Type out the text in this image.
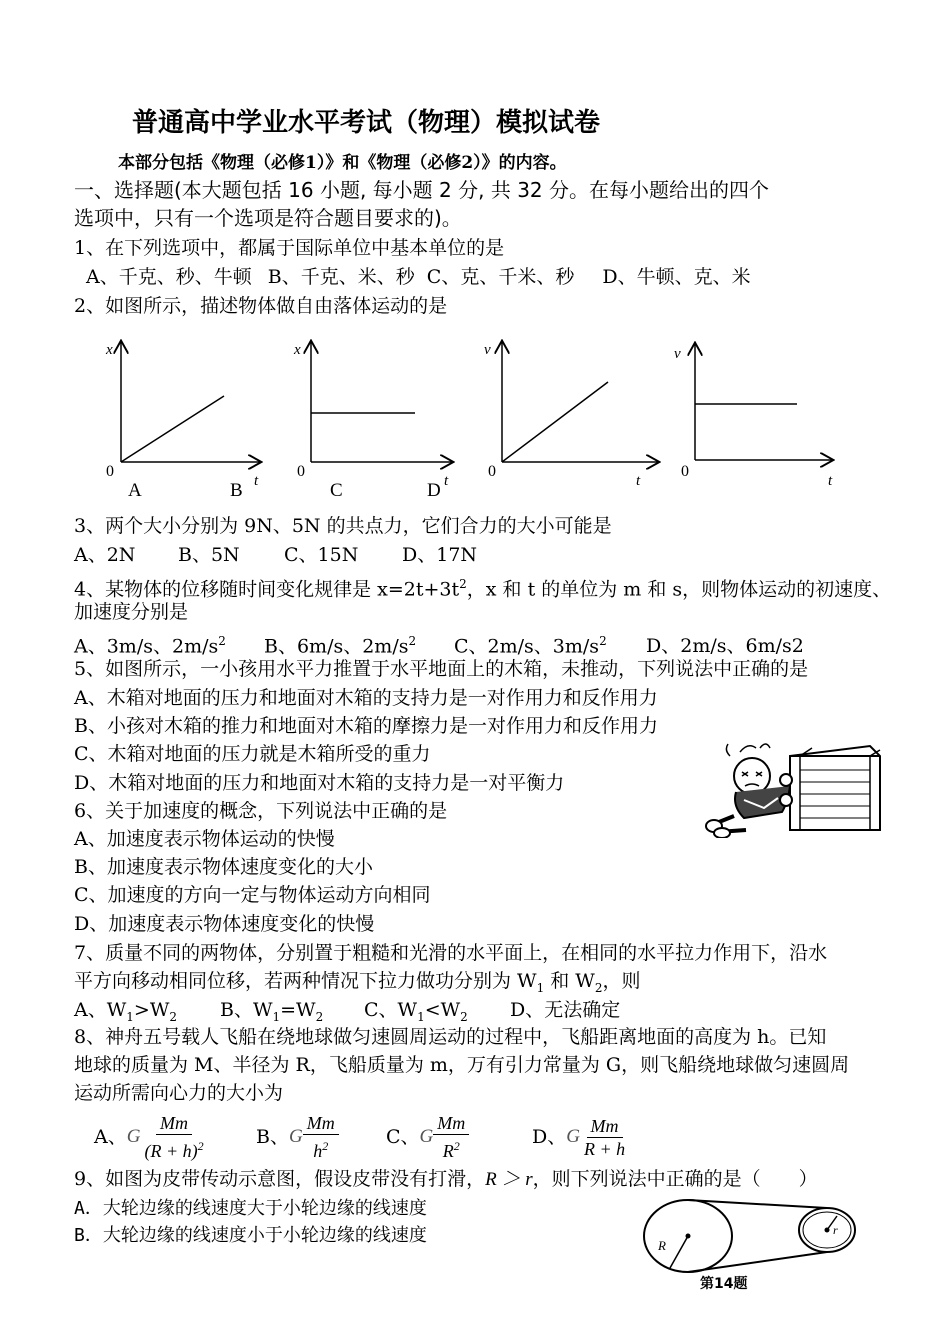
普通高中学业水平考试（物理）模拟试卷
本部分包括《物理（必修1）》和《物理（必修2）》的内容。
一、选择题(本大题包括 16 小题, 每小题 2 分, 共 32 分。在每小题给出的四个
选项中，只有一个选项是符合题目要求的)。
1、在下列选项中，都属于国际单位中基本单位的是
A、千克、秒、牛顿 B、千克、米、秒 C、克、千米、秒 D、牛顿、克、米
2、如图所示，描述物体做自由落体运动的是
x
0
t
A	B
x
0
t
C	D
v
0
t
v
0
t
3、两个大小分别为 9N、5N 的共点力，它们合力的大小可能是
A、2N B、5N C、15N D、17N
4、某物体的位移随时间变化规律是 $x=2t+3t^2$，x 和 t 的单位为 m 和 s，则物体运动的初速度、
加速度分别是
A、3m/s、$2m/s^2$ B、6m/s、$2m/s^2$ C、2m/s、$3m/s^2$ D、2m/s、6m/s2
5、如图所示，一小孩用水平力推置于水平地面上的木箱，未推动，下列说法中正确的是
A、木箱对地面的压力和地面对木箱的支持力是一对作用力和反作用力
B、小孩对木箱的推力和地面对木箱的摩擦力是一对作用力和反作用力
C、木箱对地面的压力就是木箱所受的重力
D、木箱对地面的压力和地面对木箱的支持力是一对平衡力
6、关于加速度的概念，下列说法中正确的是
A、加速度表示物体运动的快慢
B、加速度表示物体速度变化的大小
C、加速度的方向一定与物体运动方向相同
D、加速度表示物体速度变化的快慢
7、质量不同的两物体，分别置于粗糙和光滑的水平面上，在相同的水平拉力作用下，沿水
平方向移动相同位移，若两种情况下拉力做功分别为 $W_1$ 和 $W_2$，则
A、$W_1>W_2$ B、$W_1=W_2$ C、$W_1<W_2$ D、无法确定
8、神舟五号载人飞船在绕地球做匀速圆周运动的过程中，飞船距离地面的高度为 h。已知
地球的质量为 M、半径为 R，飞船质量为 m，万有引力常量为 G，则飞船绕地球做匀速圆周
运动所需向心力的大小为
A、 G $\frac{Mm}{(R + h)^2}$	B、 G $\frac{Mm}{h^2}$ C、 G $\frac{Mm}{R^2}$	D、 G $\frac{Mm}{R + h}$
9、如图为皮带传动示意图，假设皮带没有打滑，R ＞ r，则下列说法中正确的是（　　）
A．大轮边缘的线速度大于小轮边缘的线速度
B．大轮边缘的线速度小于小轮边缘的线速度	R
r
第14题
